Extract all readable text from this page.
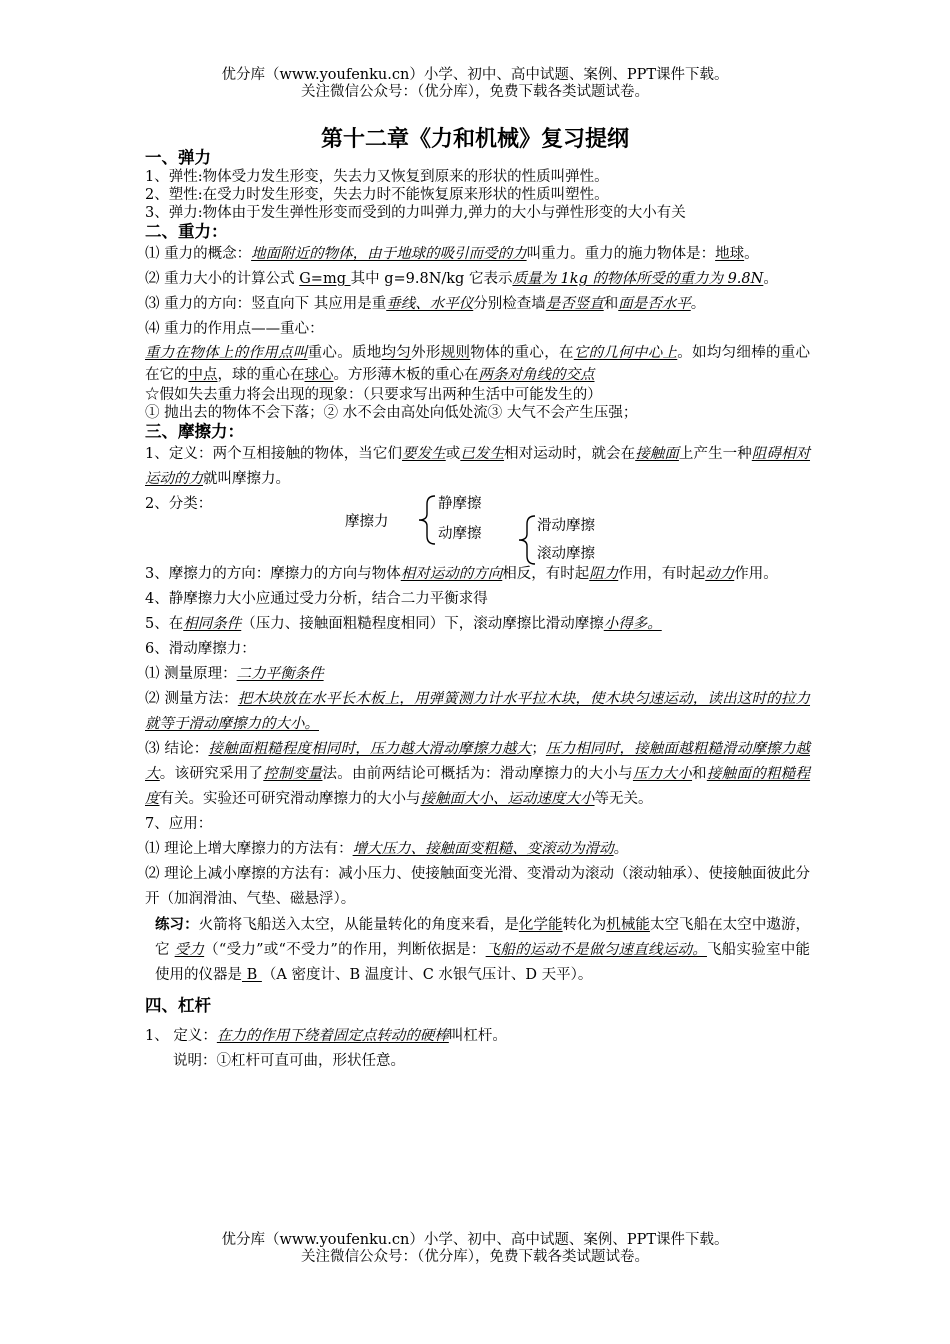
优分库（www.youfenku.cn）小学、初中、高中试题、案例、PPT课件下载。
关注微信公众号：（优分库），免费下载各类试题试卷。
第十二章《力和机械》复习提纲
一、弹力
1、弹性:物体受力发生形变，失去力又恢复到原来的形状的性质叫弹性。
2、塑性:在受力时发生形变，失去力时不能恢复原来形状的性质叫塑性。
3、弹力:物体由于发生弹性形变而受到的力叫弹力,弹力的大小与弹性形变的大小有关
二、重力：
⑴ 重力的概念：地面附近的物体，由于地球的吸引而受的力叫重力。重力的施力物体是：地球。
⑵ 重力大小的计算公式 G=mg 其中 g=9.8N/kg 它表示质量为 1kg 的物体所受的重力为 9.8N。
⑶ 重力的方向：竖直向下 其应用是重垂线、水平仪分别检查墙是否竖直和面是否水平。
⑷ 重力的作用点——重心：
重力在物体上的作用点叫重心。质地均匀外形规则物体的重心，在它的几何中心上。如均匀细棒的重心在它的中点，球的重心在球心。方形薄木板的重心在两条对角线的交点
☆假如失去重力将会出现的现象：（只要求写出两种生活中可能发生的）
① 抛出去的物体不会下落；② 水不会由高处向低处流③ 大气不会产生压强；
三、摩擦力：
1、定义：两个互相接触的物体，当它们要发生或已发生相对运动时，就会在接触面上产生一种阻碍相对运动的力就叫摩擦力。
2、分类：
摩擦力
静摩擦
动摩擦	滑动摩擦
滚动摩擦
3、摩擦力的方向：摩擦力的方向与物体相对运动的方向相反，有时起阻力作用，有时起动力作用。
4、静摩擦力大小应通过受力分析，结合二力平衡求得
5、在相同条件（压力、接触面粗糙程度相同）下，滚动摩擦比滑动摩擦小得多。
6、滑动摩擦力：
⑴ 测量原理：二力平衡条件
⑵ 测量方法：把木块放在水平长木板上，用弹簧测力计水平拉木块，使木块匀速运动，读出这时的拉力就等于滑动摩擦力的大小。
⑶ 结论：接触面粗糙程度相同时，压力越大滑动摩擦力越大；压力相同时，接触面越粗糙滑动摩擦力越大。该研究采用了控制变量法。由前两结论可概括为：滑动摩擦力的大小与压力大小和接触面的粗糙程度有关。实验还可研究滑动摩擦力的大小与接触面大小、运动速度大小等无关。
7、应用：
⑴ 理论上增大摩擦力的方法有：增大压力、接触面变粗糙、变滚动为滑动。
⑵ 理论上减小摩擦的方法有：减小压力、使接触面变光滑、变滑动为滚动（滚动轴承）、使接触面彼此分开（加润滑油、气垫、磁悬浮）。
练习：火箭将飞船送入太空，从能量转化的角度来看，是化学能转化为机械能太空飞船在太空中遨游，它 受力（“受力”或“不受力”的作用，判断依据是：飞船的运动不是做匀速直线运动。飞船实验室中能使用的仪器是 B （A 密度计、B 温度计、C 水银气压计、D 天平）。
四、杠杆
1、 定义：在力的作用下绕着固定点转动的硬棒叫杠杆。
说明：①杠杆可直可曲，形状任意。
优分库（www.youfenku.cn）小学、初中、高中试题、案例、PPT课件下载。
关注微信公众号：（优分库），免费下载各类试题试卷。
